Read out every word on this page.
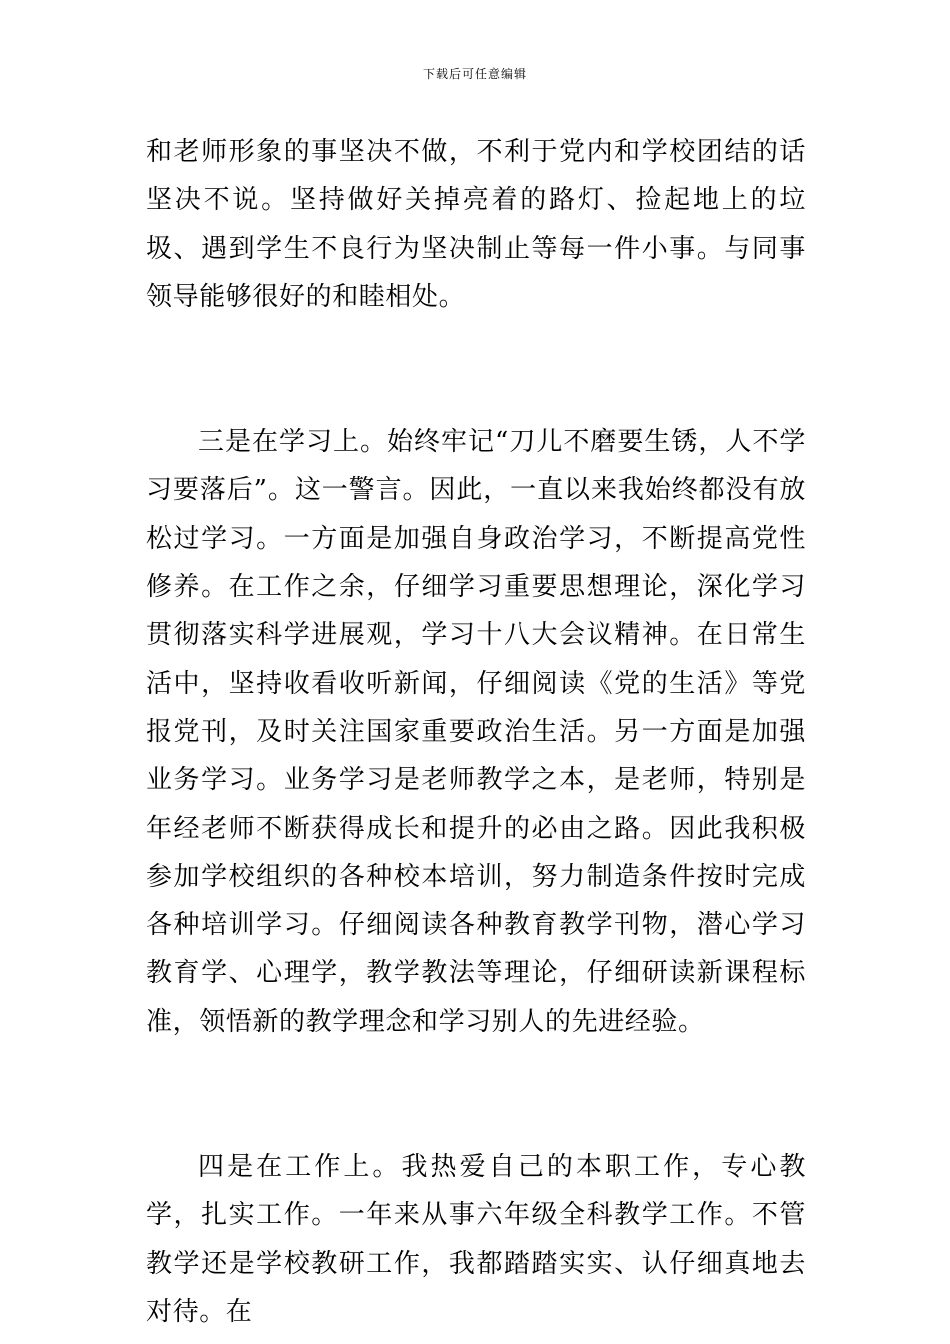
下载后可任意编辑

和老师形象的事坚决不做，不利于党内和学校团结的话坚决不说。坚持做好关掉亮着的路灯、捡起地上的垃圾、遇到学生不良行为坚决制止等每一件小事。与同事领导能够很好的和睦相处。

三是在学习上。始终牢记“刀儿不磨要生锈，人不学习要落后”。这一警言。因此，一直以来我始终都没有放松过学习。一方面是加强自身政治学习，不断提高党性修养。在工作之余，仔细学习重要思想理论，深化学习贯彻落实科学进展观，学习十八大会议精神。在日常生活中，坚持收看收听新闻，仔细阅读《党的生活》等党报党刊，及时关注国家重要政治生活。另一方面是加强业务学习。业务学习是老师教学之本，是老师，特别是年经老师不断获得成长和提升的必由之路。因此我积极参加学校组织的各种校本培训，努力制造条件按时完成各种培训学习。仔细阅读各种教育教学刊物，潜心学习教育学、心理学，教学教法等理论，仔细研读新课程标准，领悟新的教学理念和学习别人的先进经验。

四是在工作上。我热爱自己的本职工作，专心教学，扎实工作。一年来从事六年级全科教学工作。不管教学还是学校教研工作，我都踏踏实实、认仔细真地去对待。在
